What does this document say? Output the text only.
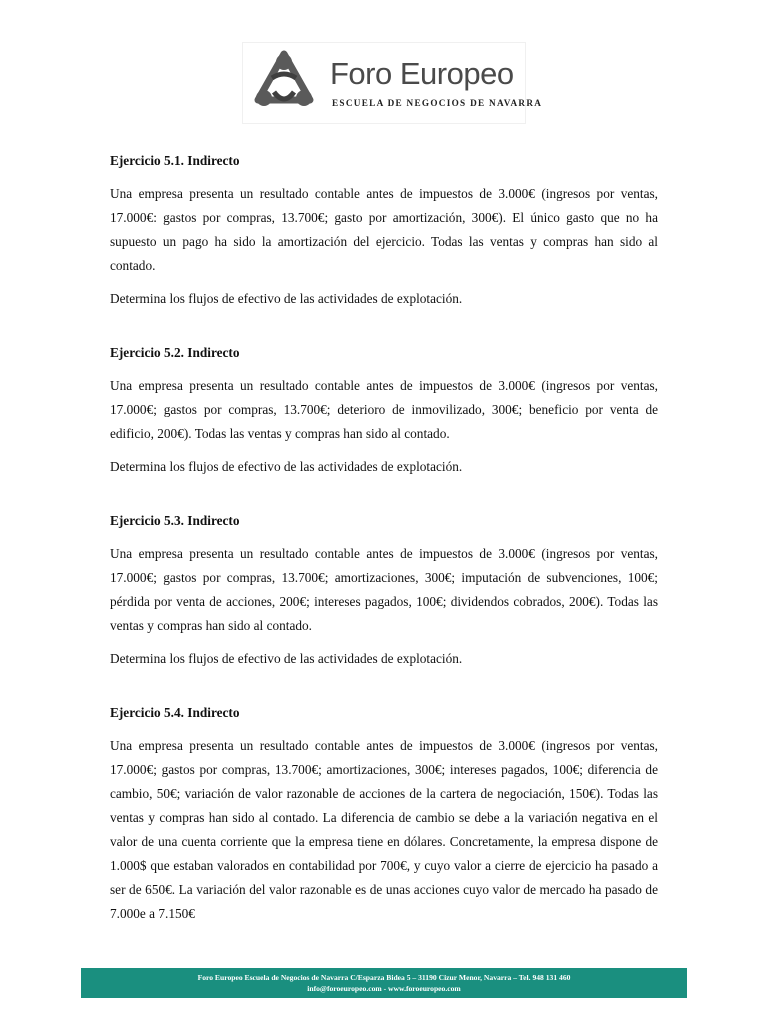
Foro Europeo
ESCUELA DE NEGOCIOS DE NAVARRA
Ejercicio 5.1. Indirecto

Una empresa presenta un resultado contable antes de impuestos de 3.000€ (ingresos por ventas, 17.000€: gastos por compras, 13.700€; gasto por amortización, 300€). El único gasto que no ha supuesto un pago ha sido la amortización del ejercicio. Todas las ventas y compras han sido al contado.

Determina los flujos de efectivo de las actividades de explotación.

Ejercicio 5.2. Indirecto

Una empresa presenta un resultado contable antes de impuestos de 3.000€ (ingresos por ventas, 17.000€; gastos por compras, 13.700€; deterioro de inmovilizado, 300€; beneficio por venta de edificio, 200€). Todas las ventas y compras han sido al contado.

Determina los flujos de efectivo de las actividades de explotación.

Ejercicio 5.3. Indirecto

Una empresa presenta un resultado contable antes de impuestos de 3.000€ (ingresos por ventas, 17.000€; gastos por compras, 13.700€; amortizaciones, 300€; imputación de subvenciones, 100€; pérdida por venta de acciones, 200€; intereses pagados, 100€; dividendos cobrados, 200€). Todas las ventas y compras han sido al contado.

Determina los flujos de efectivo de las actividades de explotación.

Ejercicio 5.4. Indirecto

Una empresa presenta un resultado contable antes de impuestos de 3.000€ (ingresos por ventas, 17.000€; gastos por compras, 13.700€; amortizaciones, 300€; intereses pagados, 100€; diferencia de cambio, 50€; variación de valor razonable de acciones de la cartera de negociación, 150€). Todas las ventas y compras han sido al contado. La diferencia de cambio se debe a la variación negativa en el valor de una cuenta corriente que la empresa tiene en dólares. Concretamente, la empresa dispone de 1.000$ que estaban valorados en contabilidad por 700€, y cuyo valor a cierre de ejercicio ha pasado a ser de 650€. La variación del valor razonable es de unas acciones cuyo valor de mercado ha pasado de 7.000e a 7.150€

Foro Europeo Escuela de Negocios de Navarra C/Esparza Bidea 5 – 31190 Cizur Menor, Navarra – Tel. 948 131 460
info@foroeuropeo.com - www.foroeuropeo.com
